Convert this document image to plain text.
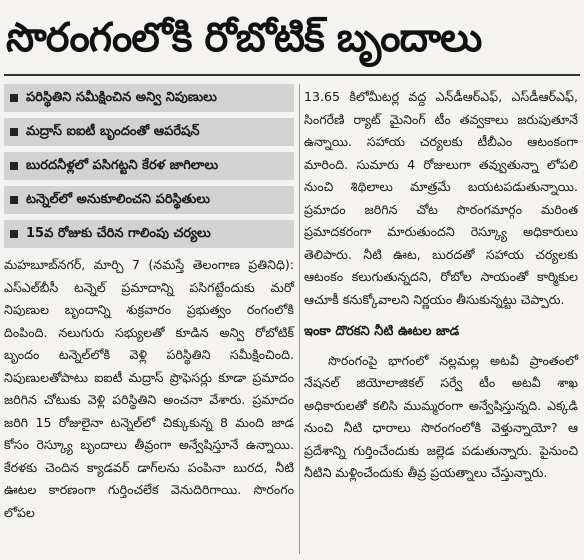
సొరంగంలోకి రోబోటిక్ బృందాలు
పరిస్థితిని సమీక్షించిన అన్వి నిపుణులు
మద్రాస్ ఐఐటీ బృందంతో ఆపరేషన్
బురదనీళ్లలో పసిగట్టని కేరళ జాగిలాలు
టన్నెల్‌లో అనుకూలించని పరిస్థితులు
15వ రోజుకు చేరిన గాలింపు చర్యలు

మహబూబ్‌నగర్, మార్చి 7 (నమస్తే తెలంగాణ ప్రతినిధి): ఎస్‌ఎల్‌బీసీ టన్నెల్ ప్రమాదాన్ని పసిగట్టేందుకు మరో నిపుణుల బృందాన్ని శుక్రవారం ప్రభుత్వం రంగంలోకి దింపింది. నలుగురు సభ్యులతో కూడిన అన్వి రోబోటిక్ బృందం టన్నెల్‌లోకి వెళ్లి పరిస్థితిని సమీక్షించింది. నిపుణులతోపాటు ఐఐటీ మద్రాస్ ప్రొఫెసర్లు కూడా ప్రమాదం జరిగిన చోటుకు వెళ్లి పరిస్థితిని అంచనా వేశారు. ప్రమాదం జరిగి 15 రోజులైనా టన్నెల్‌లో చిక్కుకున్న 8 మంది జాడ కోసం రెస్క్యూ బృందాలు తీవ్రంగా అన్వేషిస్తూనే ఉన్నాయి. కేరళకు చెందిన క్యాడవర్ డాగ్‌లను పంపినా బురద, నీటి ఊటల కారణంగా గుర్తించలేక వెనుదిరిగాయి. సొరంగం లోపల

13.65 కిలోమీటర్ల వద్ద ఎన్‌డీఆర్‌ఎఫ్, ఎస్‌డీఆర్‌ఎఫ్, సింగరేణి ర్యాట్ మైనింగ్ టీం తవ్వకాలు జరుపుతూనే ఉన్నాయి. సహాయ చర్యలకు టీబీఎం ఆటంకంగా మారింది. సుమారు 4 రోజులుగా తవ్వుతున్నా లోపలి నుంచి శిథిలాలు మాత్రమే బయటపడుతున్నాయి. ప్రమాదం జరిగిన చోట సొరంగమార్గం మరింత ప్రమాదకరంగా మారుతుందని రెస్క్యూ అధికారులు తెలిపారు. నీటి ఊట, బురదతో సహాయ చర్యలకు ఆటంకం కలుగుతున్నదని, రోబోల సాయంతో కార్మికుల ఆచూకీ కనుక్కోవాలని నిర్ణయం తీసుకున్నట్టు చెప్పారు.

ఇంకా దొరకని నీటి ఊటల జాడ

సొరంగంపై భాగంలో నల్లమల్ల అటవీ ప్రాంతంలో నేషనల్ జియోలాజికల్ సర్వే టీం అటవీ శాఖ అధికారులతో కలిసి ముమ్మరంగా అన్వేషిస్తున్నది. ఎక్కడి నుంచి నీటి ధారాలు సొరంగంలోకి వెళ్తున్నాయో? ఆ ప్రదేశాన్ని గుర్తించేందుకు జల్లెడ పడుతున్నారు. పైనుంచి నీటిని మళ్లించేందుకు తీవ్ర ప్రయత్నాలు చేస్తున్నారు.
